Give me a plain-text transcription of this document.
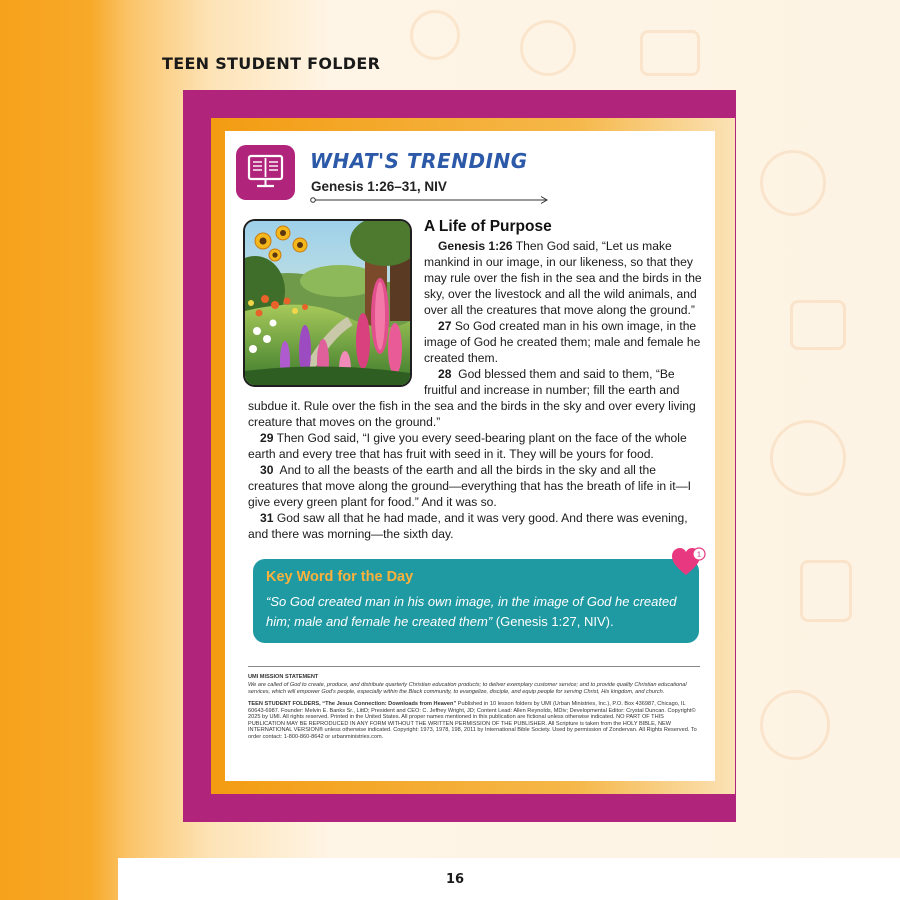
TEEN STUDENT FOLDER
WHAT'S TRENDING
Genesis 1:26–31, NIV
A Life of Purpose
Genesis 1:26 Then God said, “Let us make
mankind in our image, in our likeness, so that they
may rule over the fish in the sea and the birds in the
sky, over the livestock and all the wild animals, and
over all the creatures that move along the ground.”
27 So God created man in his own image, in the
image of God he created them; male and female he
created them.
28  God blessed them and said to them, “Be
fruitful and increase in number; fill the earth and
subdue it. Rule over the fish in the sea and the birds in the sky and over every living
creature that moves on the ground.”
29 Then God said, “I give you every seed-bearing plant on the face of the whole
earth and every tree that has fruit with seed in it. They will be yours for food.
30  And to all the beasts of the earth and all the birds in the sky and all the
creatures that move along the ground—everything that has the breath of life in it—I
give every green plant for food.” And it was so.
31 God saw all that he had made, and it was very good. And there was evening,
and there was morning—the sixth day.
1
Key Word for the Day
“So God created man in his own image, in the image of God he created him; male and female he created them” (Genesis 1:27, NIV).
UMI MISSION STATEMENT
We are called of God to create, produce, and distribute quarterly Christian education products; to deliver exemplary customer service; and to provide quality Christian educational services, which will empower God's people, especially within the Black community, to evangelize, disciple, and equip people for serving Christ, His kingdom, and church.
TEEN STUDENT FOLDERS, “The Jesus Connection: Downloads from Heaven” Published in 10 lesson folders by UMI (Urban Ministries, Inc.), P.O. Box 436987, Chicago, IL 60643-6987. Founder: Melvin E. Banks Sr., LittD; President and CEO: C. Jeffrey Wright, JD; Content Lead: Allen Reynolds, MDiv; Developmental Editor: Crystal Duncan. Copyright© 2025 by UMI. All rights reserved. Printed in the United States. All proper names mentioned in this publication are fictional unless otherwise indicated. NO PART OF THIS PUBLICATION MAY BE REPRODUCED IN ANY FORM WITHOUT THE WRITTEN PERMISSION OF THE PUBLISHER. All Scripture is taken from the HOLY BIBLE, NEW INTERNATIONAL VERSION® unless otherwise indicated. Copyright: 1973, 1978, 198, 2011 by International Bible Society. Used by permission of Zondervan. All Rights Reserved. To order contact: 1-800-860-8642 or urbanministries.com.
16
